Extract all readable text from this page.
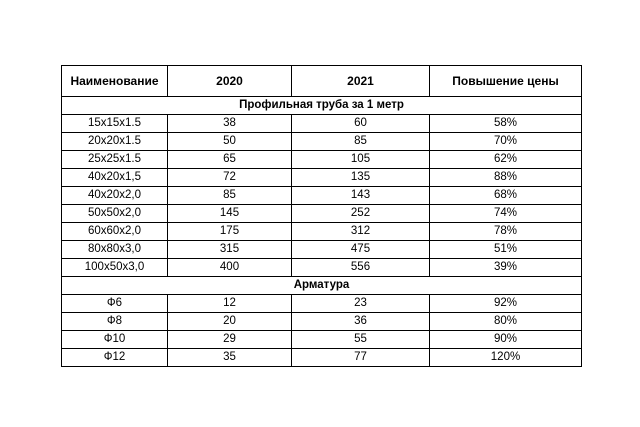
Наименование	2020	2021	Повышение цены
Профильная труба за 1 метр			
15x15x1.5	38	60	58%
20x20x1.5	50	85	70%
25x25x1.5	65	105	62%
40x20x1,5	72	135	88%
40x20x2,0	85	143	68%
50x50x2,0	145	252	74%
60x60x2,0	175	312	78%
80x80x3,0	315	475	51%
100x50x3,0	400	556	39%
Арматура			
Ф6	12	23	92%
Ф8	20	36	80%
Ф10	29	55	90%
Ф12	35	77	120%
